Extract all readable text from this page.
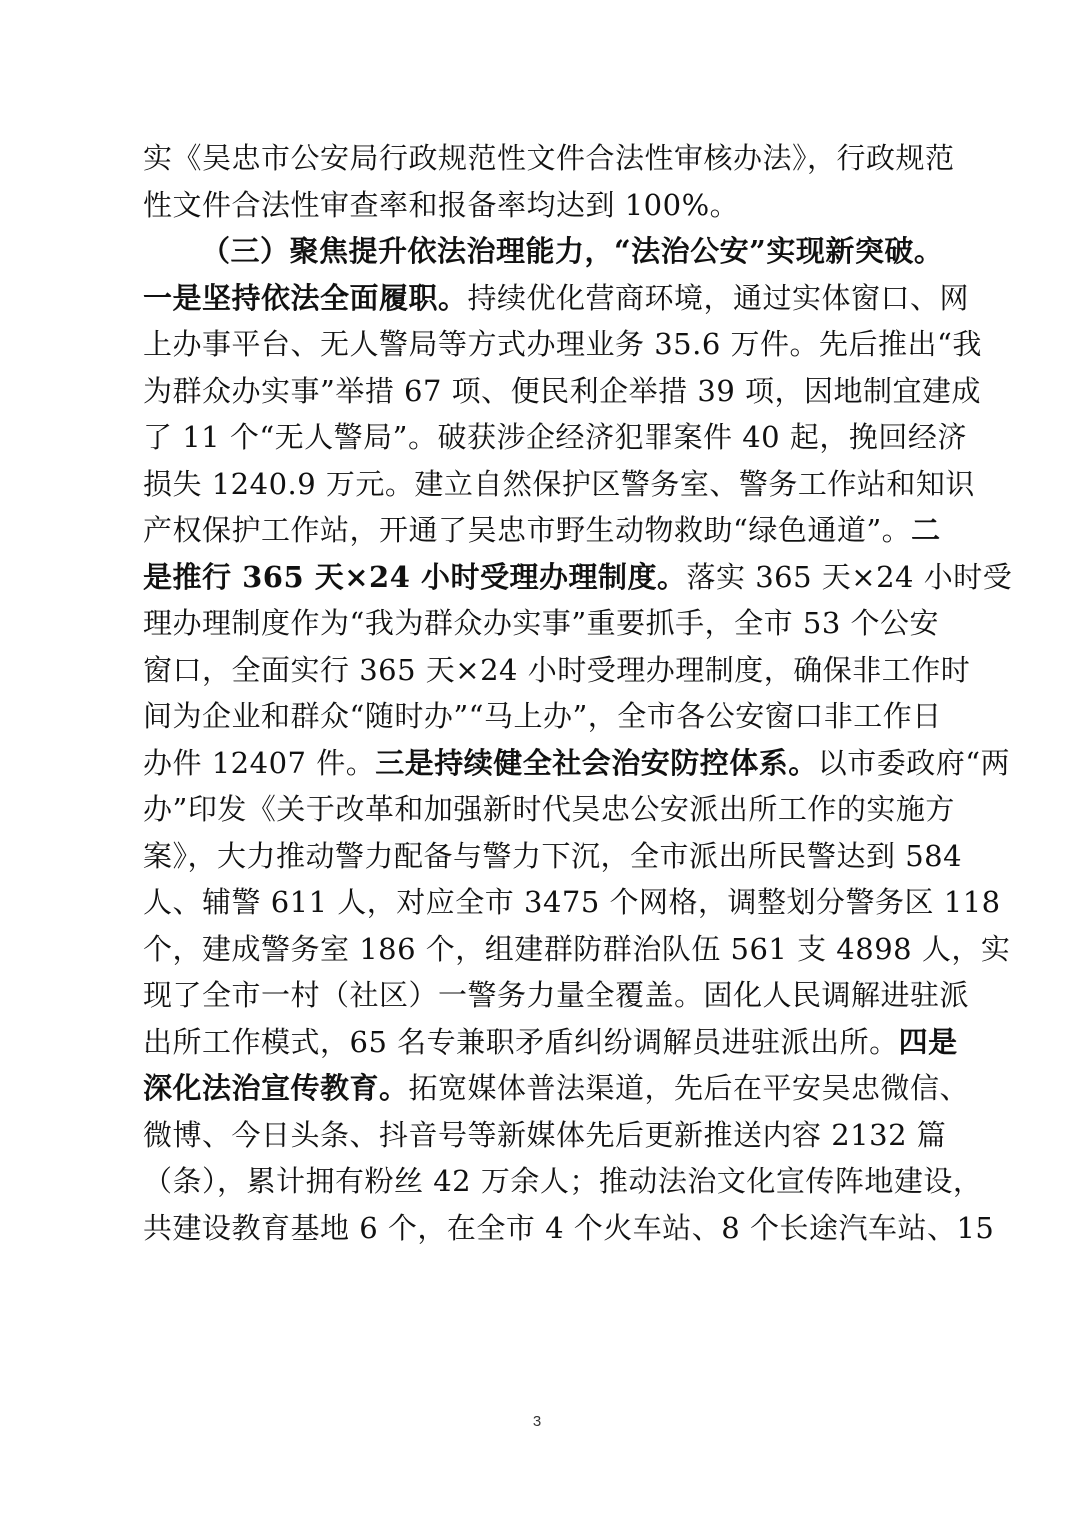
实《吴忠市公安局行政规范性文件合法性审核办法》，行政规范
性文件合法性审查率和报备率均达到 100%。
（三）聚焦提升依法治理能力，“法治公安”实现新突破。
一是坚持依法全面履职。持续优化营商环境，通过实体窗口、网
上办事平台、无人警局等方式办理业务 35.6 万件。先后推出“我
为群众办实事”举措 67 项、便民利企举措 39 项，因地制宜建成
了 11 个“无人警局”。破获涉企经济犯罪案件 40 起，挽回经济
损失 1240.9 万元。建立自然保护区警务室、警务工作站和知识
产权保护工作站，开通了吴忠市野生动物救助“绿色通道”。二
是推行 365 天×24 小时受理办理制度。落实 365 天×24 小时受
理办理制度作为“我为群众办实事”重要抓手，全市 53 个公安
窗口，全面实行 365 天×24 小时受理办理制度，确保非工作时
间为企业和群众“随时办”“马上办”，全市各公安窗口非工作日
办件 12407 件。三是持续健全社会治安防控体系。以市委政府“两
办”印发《关于改革和加强新时代吴忠公安派出所工作的实施方
案》，大力推动警力配备与警力下沉，全市派出所民警达到 584
人、辅警 611 人，对应全市 3475 个网格，调整划分警务区 118
个，建成警务室 186 个，组建群防群治队伍 561 支 4898 人，实
现了全市一村（社区）一警务力量全覆盖。固化人民调解进驻派
出所工作模式，65 名专兼职矛盾纠纷调解员进驻派出所。四是
深化法治宣传教育。拓宽媒体普法渠道，先后在平安吴忠微信、
微博、今日头条、抖音号等新媒体先后更新推送内容 2132 篇
（条），累计拥有粉丝 42 万余人；推动法治文化宣传阵地建设，
共建设教育基地 6 个，在全市 4 个火车站、8 个长途汽车站、15
3
